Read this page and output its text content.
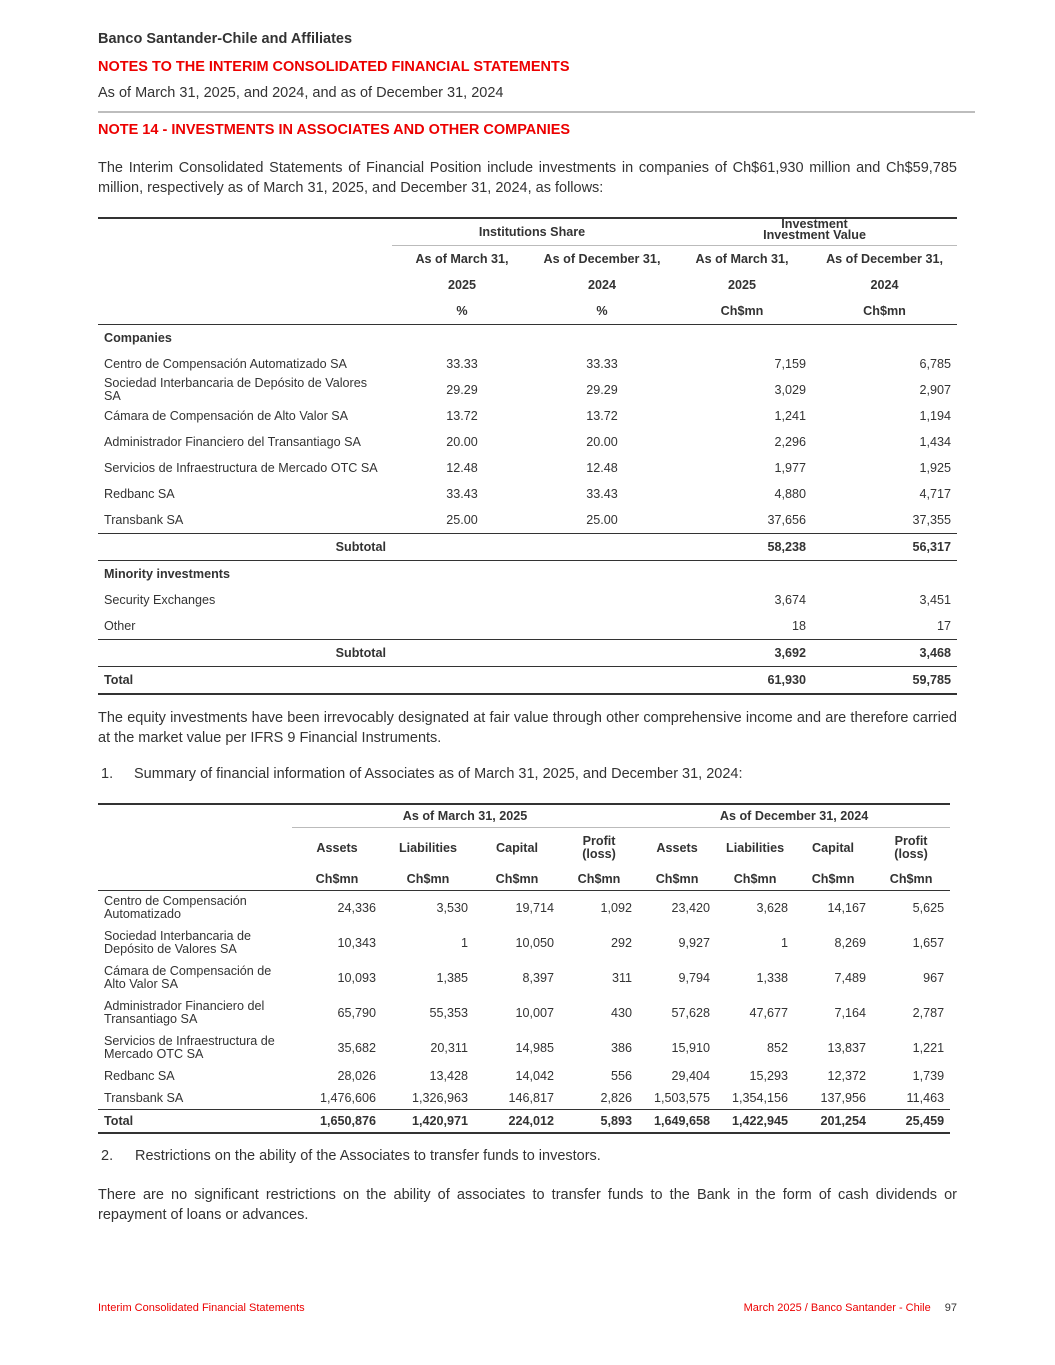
Banco Santander-Chile and Affiliates
NOTES TO THE INTERIM CONSOLIDATED FINANCIAL STATEMENTS
As of March 31, 2025, and 2024, and as of December 31, 2024
NOTE 14 - INVESTMENTS IN ASSOCIATES AND OTHER COMPANIES
The Interim Consolidated Statements of Financial Position include investments in companies of Ch$61,930 million and Ch$59,785 million, respectively as of March 31, 2025, and December 31, 2024, as follows:
	Institutions Share		Investment
Investment Value	
	As of March 31,	As of December 31,	As of March 31,	As of December 31,
	2025	2024	2025	2024
	%	%	Ch$mn	Ch$mn
Companies				
Centro de Compensación Automatizado SA	33.33	33.33	7,159	6,785
Sociedad Interbancaria de Depósito de Valores SA	29.29	29.29	3,029	2,907
Cámara de Compensación de Alto Valor SA	13.72	13.72	1,241	1,194
Administrador Financiero del Transantiago SA	20.00	20.00	2,296	1,434
Servicios de Infraestructura de Mercado OTC SA	12.48	12.48	1,977	1,925
Redbanc SA	33.43	33.43	4,880	4,717
Transbank SA	25.00	25.00	37,656	37,355
Subtotal			58,238	56,317
Minority investments				
Security Exchanges			3,674	3,451
Other			18	17
Subtotal			3,692	3,468
Total			61,930	59,785
The equity investments have been irrevocably designated at fair value through other comprehensive income and are therefore carried at the market value per IFRS 9 Financial Instruments.
1. Summary of financial information of Associates as of March 31, 2025, and December 31, 2024:
	As of March 31, 2025				As of December 31, 2024			
	Assets	Liabilities	Capital	Profit (loss)	Assets	Liabilities	Capital	Profit (loss)
	Ch$mn	Ch$mn	Ch$mn	Ch$mn	Ch$mn	Ch$mn	Ch$mn	Ch$mn
Centro de Compensación Automatizado	24,336	3,530	19,714	1,092	23,420	3,628	14,167	5,625
Sociedad Interbancaria de Depósito de Valores SA	10,343	1	10,050	292	9,927	1	8,269	1,657
Cámara de Compensación de Alto Valor SA	10,093	1,385	8,397	311	9,794	1,338	7,489	967
Administrador Financiero del Transantiago SA	65,790	55,353	10,007	430	57,628	47,677	7,164	2,787
Servicios de Infraestructura de Mercado OTC SA	35,682	20,311	14,985	386	15,910	852	13,837	1,221
Redbanc SA	28,026	13,428	14,042	556	29,404	15,293	12,372	1,739
Transbank SA	1,476,606	1,326,963	146,817	2,826	1,503,575	1,354,156	137,956	11,463
Total	1,650,876	1,420,971	224,012	5,893	1,649,658	1,422,945	201,254	25,459
2. Restrictions on the ability of the Associates to transfer funds to investors.
There are no significant restrictions on the ability of associates to transfer funds to the Bank in the form of cash dividends or repayment of loans or advances.
Interim Consolidated Financial Statements	March 2025 / Banco Santander - Chile 97
